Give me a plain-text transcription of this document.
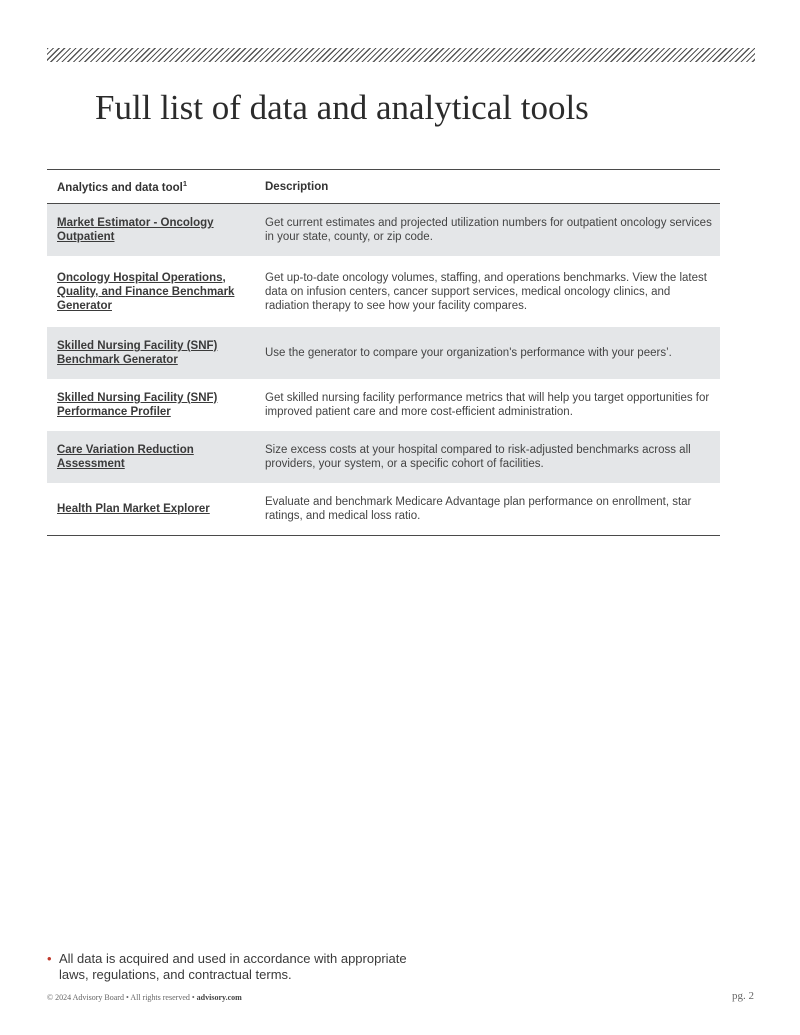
Full list of data and analytical tools
Analytics and data tool$^1$	Description
Market Estimator - Oncology Outpatient
Get current estimates and projected utilization numbers for outpatient oncology services in your state, county, or zip code.
Oncology Hospital Operations, Quality, and Finance Benchmark Generator
Get up-to-date oncology volumes, staffing, and operations benchmarks. View the latest data on infusion centers, cancer support services, medical oncology clinics, and radiation therapy to see how your facility compares.
Skilled Nursing Facility (SNF) Benchmark Generator
Use the generator to compare your organization's performance with your peers’.
Skilled Nursing Facility (SNF) Performance Profiler
Get skilled nursing facility performance metrics that will help you target opportunities for improved patient care and more cost-efficient administration.
Care Variation Reduction Assessment
Size excess costs at your hospital compared to risk-adjusted benchmarks across all providers, your system, or a specific cohort of facilities.
Health Plan Market Explorer
Evaluate and benchmark Medicare Advantage plan performance on enrollment, star ratings, and medical loss ratio.
• All data is acquired and used in accordance with appropriate laws, regulations, and contractual terms.
© 2024 Advisory Board • All rights reserved • advisory.com	pg. 2
